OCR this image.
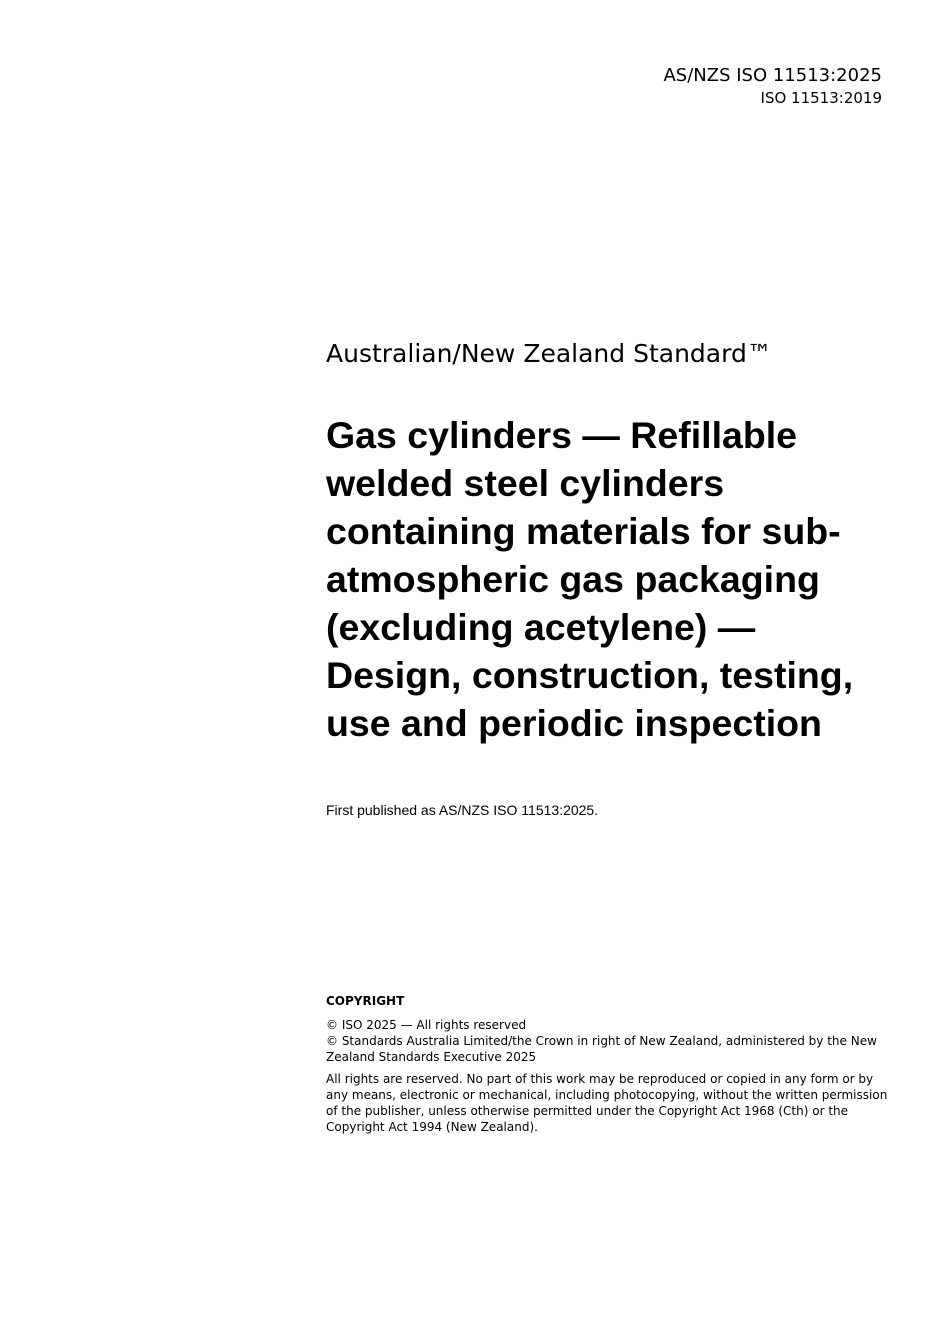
AS/NZS ISO 11513:2025
ISO 11513:2019
Australian/New Zealand Standard™
Gas cylinders — Refillable welded steel cylinders containing materials for sub-atmospheric gas packaging (excluding acetylene) — Design, construction, testing, use and periodic inspection
First published as AS/NZS ISO 11513:2025.
COPYRIGHT
© ISO 2025 — All rights reserved
© Standards Australia Limited/the Crown in right of New Zealand, administered by the New Zealand Standards Executive 2025
All rights are reserved. No part of this work may be reproduced or copied in any form or by any means, electronic or mechanical, including photocopying, without the written permission of the publisher, unless otherwise permitted under the Copyright Act 1968 (Cth) or the Copyright Act 1994 (New Zealand).
